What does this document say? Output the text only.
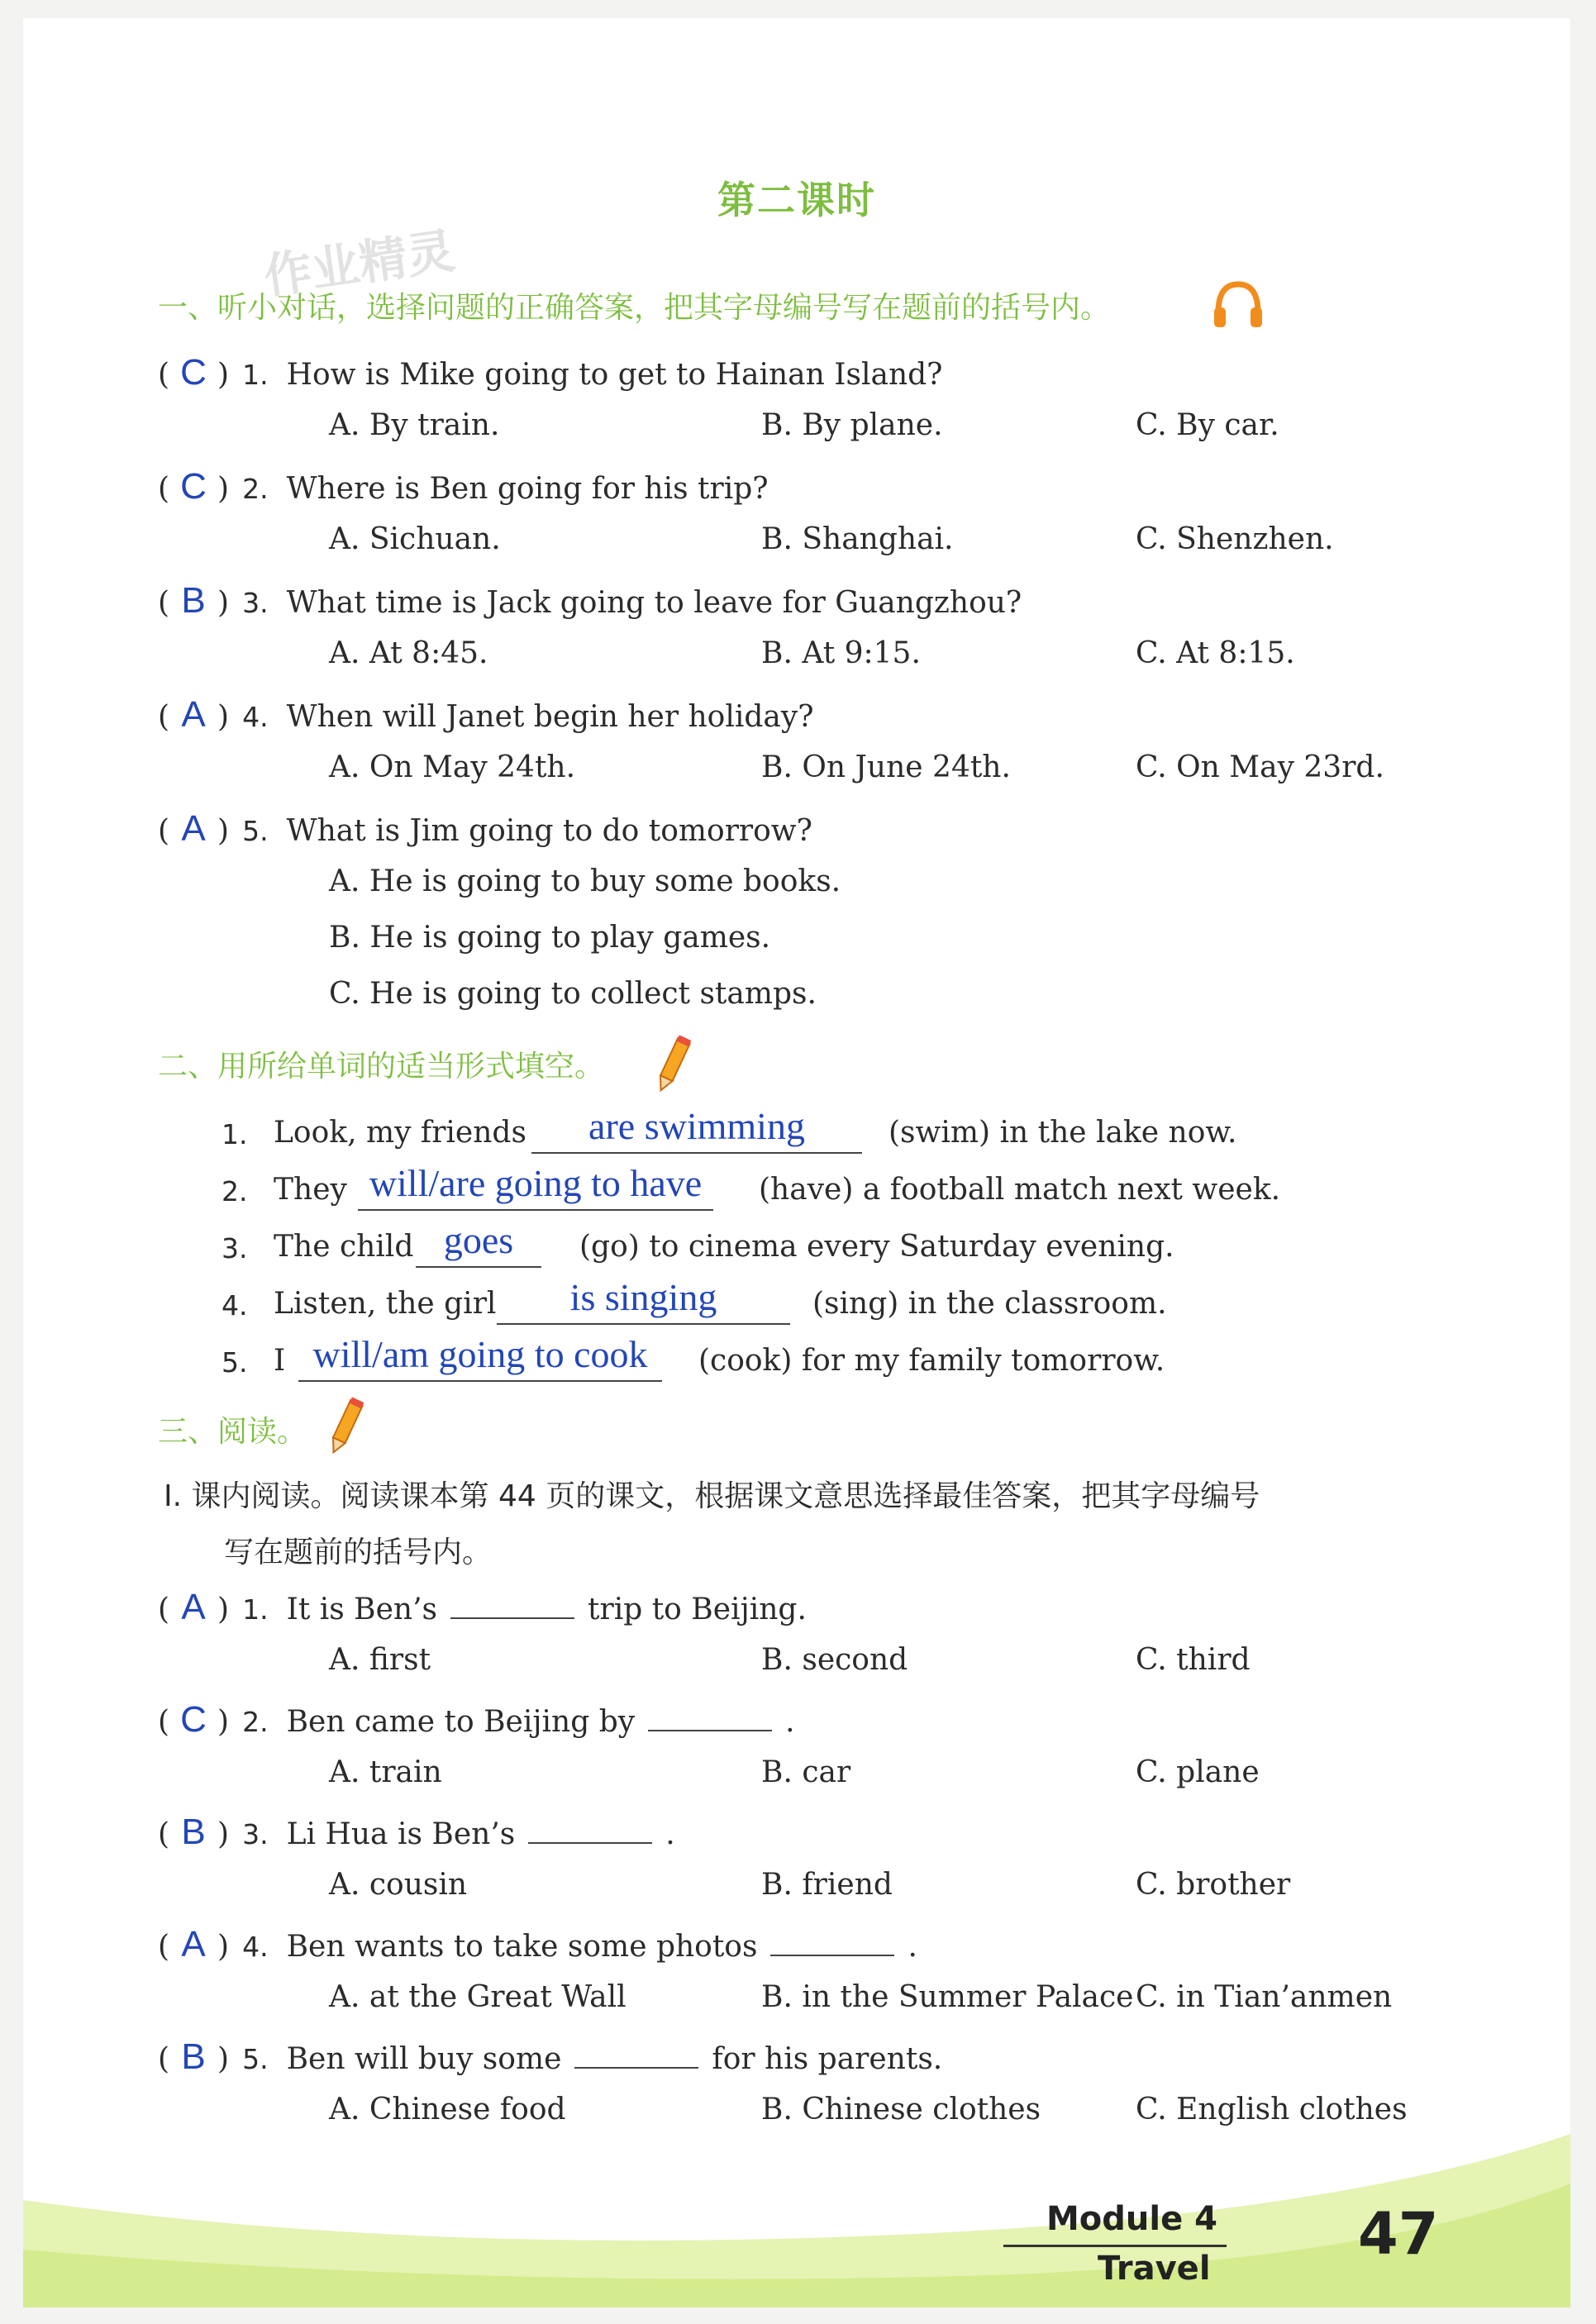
第二课时
作业精灵
一、听小对话，选择问题的正确答案，把其字母编号写在题前的括号内。
二、用所给单词的适当形式填空。
三、阅读。
Ⅰ. 课内阅读。阅读课本第 44 页的课文，根据课文意思选择最佳答案，把其字母编号
写在题前的括号内。
Module 4
Travel
47
( C ) 1. How is Mike going to get to Hainan Island?
A. By train.	B. By plane.	C. By car.
( C ) 2. Where is Ben going for his trip?
A. Sichuan.	B. Shanghai.	C. Shenzhen.
( B ) 3. What time is Jack going to leave for Guangzhou?
A. At 8:45.	B. At 9:15.	C. At 8:15.
( A ) 4. When will Janet begin her holiday?
A. On May 24th.	B. On June 24th.	C. On May 23rd.
( A ) 5. What is Jim going to do tomorrow?
A. He is going to buy some books.
B. He is going to play games.
C. He is going to collect stamps.
1. Look, my friends	are swimming	(swim) in the lake now.
2. They will/are going to have	(have) a football match next week.
3. The child goes	(go) to cinema every Saturday evening.
4. Listen, the girl	is singing	(sing) in the classroom.
5. I will/am going to cook	(cook) for my family tomorrow.
( A ) 1. It is Ben’s	trip to Beijing.
A. first	B. second	C. third
( C ) 2. Ben came to Beijing by	.
A. train	B. car	C. plane
( B ) 3. Li Hua is Ben’s	.
A. cousin	B. friend	C. brother
( A ) 4. Ben wants to take some photos	.
A. at the Great Wall	B. in the Summer Palace C. in Tian’anmen
( B ) 5. Ben will buy some	for his parents.
A. Chinese food	B. Chinese clothes	C. English clothes
